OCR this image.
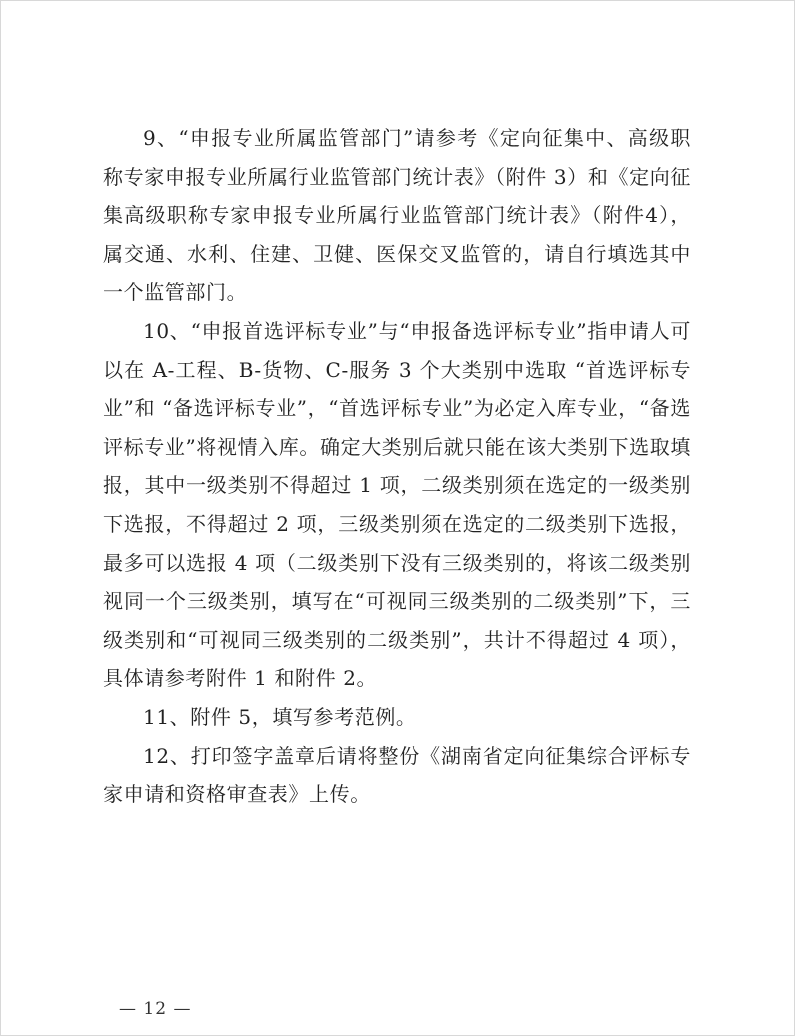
9、“申报专业所属监管部门”请参考《定向征集中、高级职称专家申报专业所属行业监管部门统计表》（附件 3）和《定向征集高级职称专家申报专业所属行业监管部门统计表》（附件4），属交通、水利、住建、卫健、医保交叉监管的，请自行填选其中一个监管部门。

10、“申报首选评标专业”与“申报备选评标专业”指申请人可以在 A-工程、B-货物、C-服务 3 个大类别中选取 “首选评标专业”和 “备选评标专业”，“首选评标专业”为必定入库专业，“备选评标专业”将视情入库。确定大类别后就只能在该大类别下选取填报，其中一级类别不得超过 1 项，二级类别须在选定的一级类别下选报，不得超过 2 项，三级类别须在选定的二级类别下选报，最多可以选报 4 项（二级类别下没有三级类别的，将该二级类别视同一个三级类别，填写在“可视同三级类别的二级类别”下，三级类别和“可视同三级类别的二级类别”，共计不得超过 4 项），具体请参考附件 1 和附件 2。

11、附件 5，填写参考范例。

12、打印签字盖章后请将整份《湖南省定向征集综合评标专家申请和资格审查表》上传。

— 12 —
